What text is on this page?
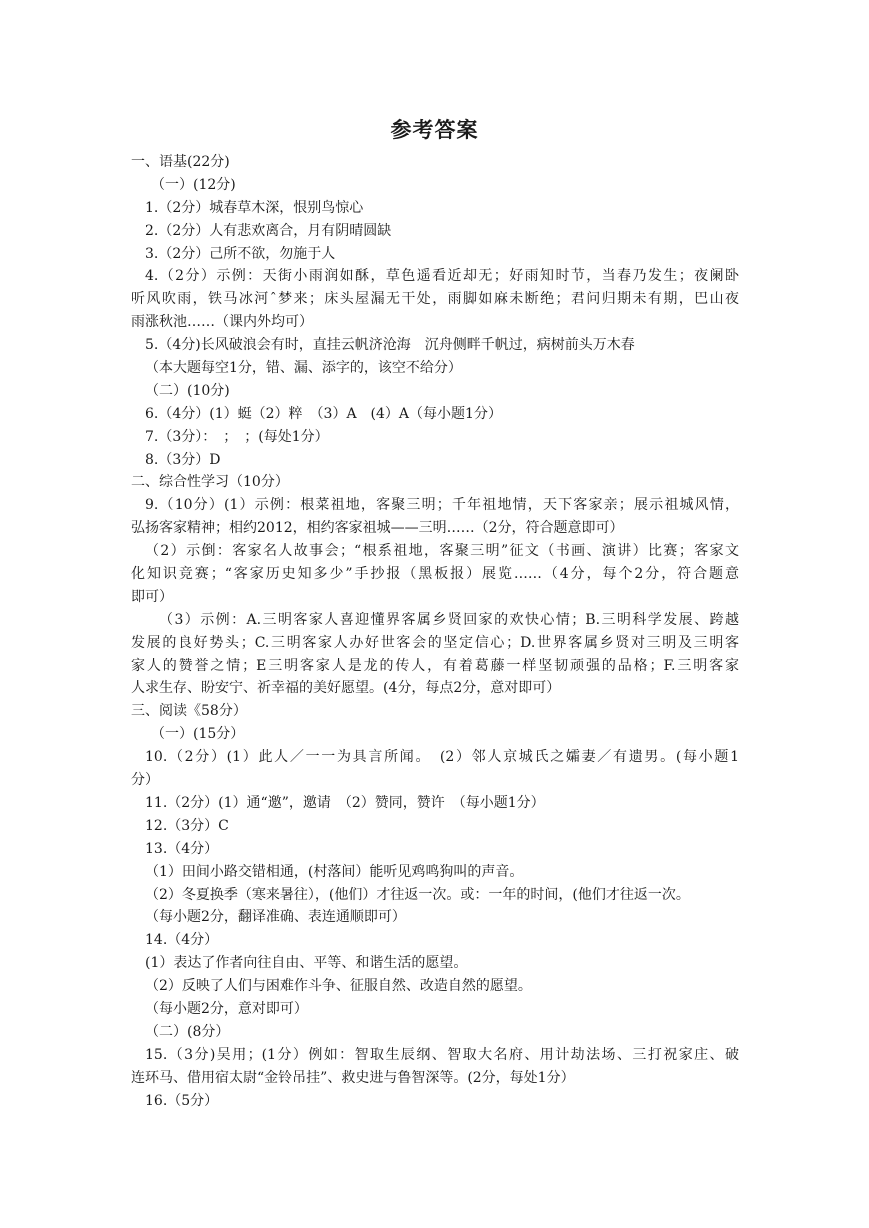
参考答案
一、语基(22分)
（一）(12分)
1.（2分）城春草木深，恨别鸟惊心
2.（2分）人有悲欢离合，月有阴晴圆缺
3.（2分）己所不欲，勿施于人
4.（2分）示例：天街小雨润如酥，草色遥看近却无；好雨知时节，当春乃发生；夜阑卧
听风吹雨，铁马冰河ˆ梦来；床头屋漏无干处，雨脚如麻未断绝；君问归期未有期，巴山夜
雨涨秋池……（课内外均可）
5.（4分)长风破浪会有时，直挂云帆济沧海　沉舟侧畔千帆过，病树前头万木春
（本大题每空1分，错、漏、添字的，该空不给分）
（二）(10分)
6.（4分）(1）蜓（2）粹　（3）A　(4）A（每小题1分）
7.（3分）：　；　；(每处1分）
8.（3分）D
二、综合性学习（10分）
9.（10分）(1）示例：根菜祖地，客聚三明；千年祖地情，天下客家亲；展示祖城风情，
弘扬客家精神；相约2012，相约客家祖城——三明……（2分，符合题意即可）
（2）示倒：客家名人故事会；“根系祖地，客聚三明”征文（书画、演讲）比赛；客家文
化知识竞赛；“客家历史知多少”手抄报（黑板报）展览……（4分，每个2分，符合题意
即可）
（3）示例：A.三明客家人喜迎懂界客属乡贤回家的欢快心情；B.三明科学发展、跨越
发展的良好势头；C.三明客家人办好世客会的坚定信心；D.世界客属乡贤对三明及三明客
家人的赞誉之情；E三明客家人是龙的传人，有着葛藤一样坚韧顽强的品格；F.三明客家
人求生存、盼安宁、祈幸福的美好愿望。(4分，每点2分，意对即可）
三、阅读《58分）
（一）(15分）
10.（2分）(1）此人／一一为具言所闻。　(2）邻人京城氏之孀妻／有遗男。(每小题1
分）
11.（2分）(1）通“邀”，邀请　（2）赞同，赞许　（每小题1分）
12.（3分）C
13.（4分）
（1）田间小路交错相通，(村落间）能听见鸡鸣狗叫的声音。
（2）冬夏换季（寒来暑往），(他们）才往返一次。或：一年的时间，(他们才往返一次。
（每小题2分，翻译准确、表连通顺即可）
14.（4分）
(1）表达了作者向往自由、平等、和谐生活的愿望。
（2）反映了人们与困难作斗争、征服自然、改造自然的愿望。
（每小题2分，意对即可）
（二）(8分）
15.（3分)吴用；(1分）例如：智取生辰纲、智取大名府、用计劫法场、三打祝家庄、破
连环马、借用宿太尉“金铃吊挂”、救史进与鲁智深等。(2分，每处1分）
16.（5分）
